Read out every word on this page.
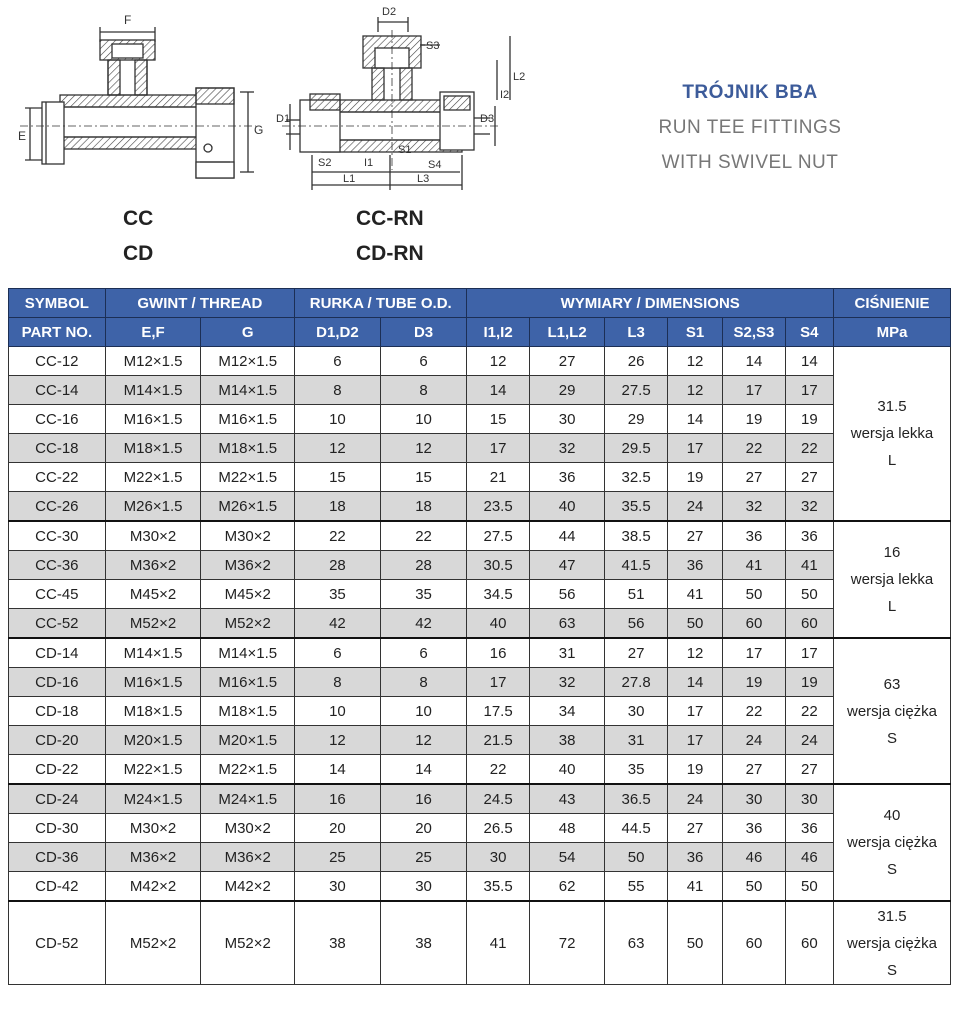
F
E	G
D2
S3
L2
I2
D1	D3
S2	I1
S1
S4
L1	L3
CC
CD
CC-RN
CD-RN
TRÓJNIK BBA
RUN TEE FITTINGS
WITH SWIVEL NUT
SYMBOL	GWINT / THREAD		RURKA / TUBE O.D.		WYMIARY / DIMENSIONS						CIŚNIENIE
PART NO.	E,F	G	D1,D2	D3	I1,I2	L1,L2	L3	S1	S2,S3	S4	MPa
CC-12	M12×1.5	M12×1.5	6	6	12	27	26	12	14	14	31.5
wersja lekka
L

CC-14	M14×1.5	M14×1.5	8	8	14	29	27.5	12	17	17	
CC-16	M16×1.5	M16×1.5	10	10	15	30	29	14	19	19	
CC-18	M18×1.5	M18×1.5	12	12	17	32	29.5	17	22	22	
CC-22	M22×1.5	M22×1.5	15	15	21	36	32.5	19	27	27	
CC-26	M26×1.5	M26×1.5	18	18	23.5	40	35.5	24	32	32	
CC-30	M30×2	M30×2	22	22	27.5	44	38.5	27	36	36	16
wersja lekka
L

CC-36	M36×2	M36×2	28	28	30.5	47	41.5	36	41	41	
CC-45	M45×2	M45×2	35	35	34.5	56	51	41	50	50	
CC-52	M52×2	M52×2	42	42	40	63	56	50	60	60	
CD-14	M14×1.5	M14×1.5	6	6	16	31	27	12	17	17	63
wersja ciężka
S

CD-16	M16×1.5	M16×1.5	8	8	17	32	27.8	14	19	19	
CD-18	M18×1.5	M18×1.5	10	10	17.5	34	30	17	22	22	
CD-20	M20×1.5	M20×1.5	12	12	21.5	38	31	17	24	24	
CD-22	M22×1.5	M22×1.5	14	14	22	40	35	19	27	27	
CD-24	M24×1.5	M24×1.5	16	16	24.5	43	36.5	24	30	30	40
wersja ciężka
S

CD-30	M30×2	M30×2	20	20	26.5	48	44.5	27	36	36	
CD-36	M36×2	M36×2	25	25	30	54	50	36	46	46	
CD-42	M42×2	M42×2	30	30	35.5	62	55	41	50	50	
CD-52	M52×2	M52×2	38	38	41	72	63	50	60	60	31.5
wersja ciężka
S
